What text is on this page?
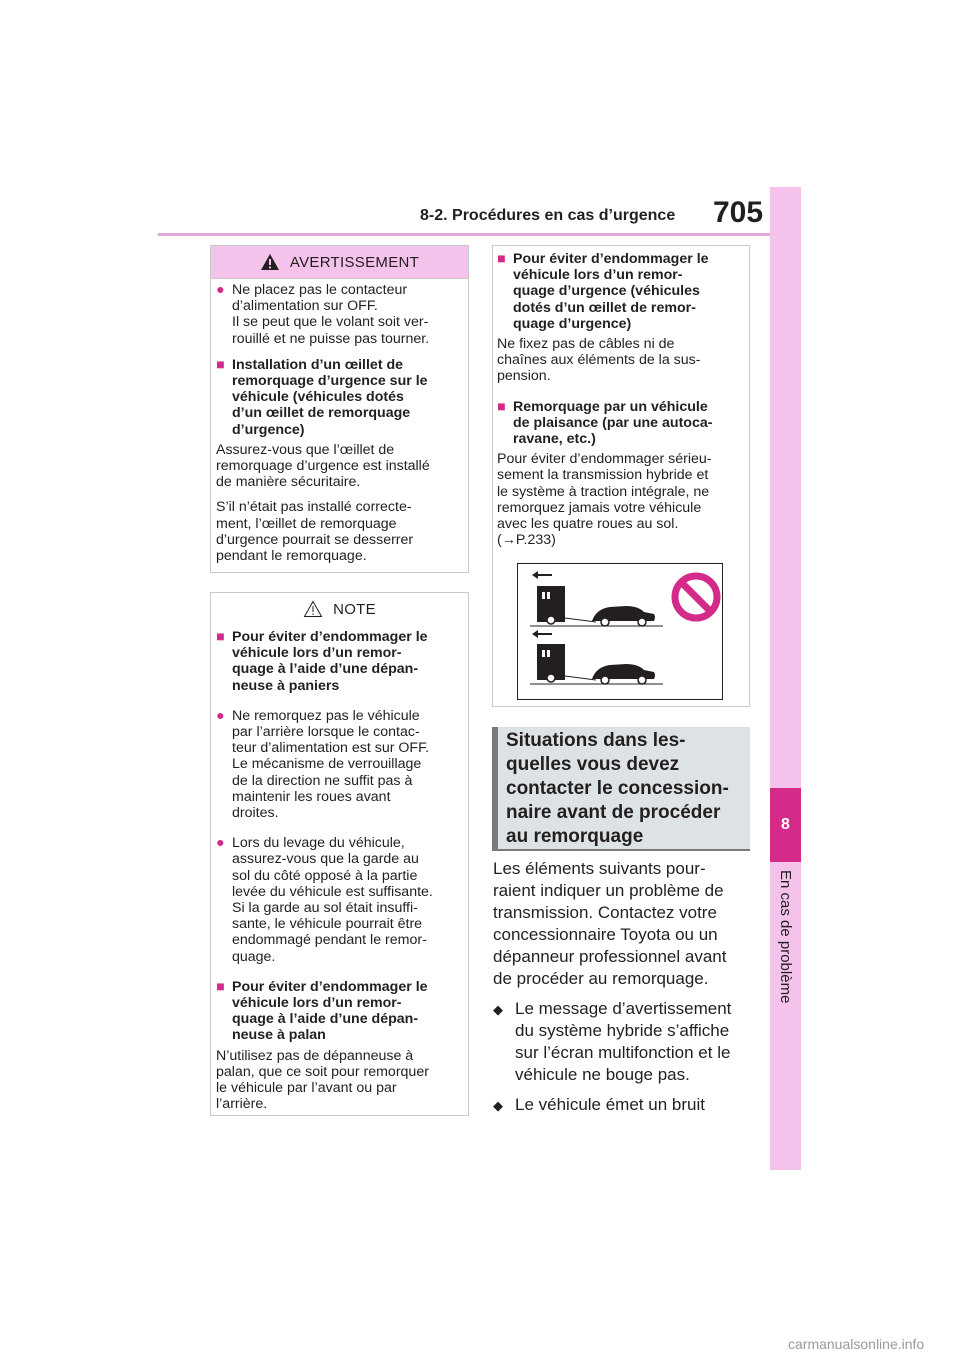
8-2. Procédures en cas d’urgence 705
8
En cas de problème
AVERTISSEMENT
● Ne placez pas le contacteur
d’alimentation sur OFF.
Il se peut que le volant soit ver-
rouillé et ne puisse pas tourner.
■ Installation d’un œillet de
remorquage d’urgence sur le
véhicule (véhicules dotés
d’un œillet de remorquage
d’urgence)

Assurez-vous que l’œillet de
remorquage d’urgence est installé
de manière sécuritaire.

S’il n’était pas installé correcte-
ment, l’œillet de remorquage
d’urgence pourrait se desserrer
pendant le remorquage.

NOTE
■ Pour éviter d’endommager le
véhicule lors d’un remor-
quage à l’aide d’une dépan-
neuse à paniers
● Ne remorquez pas le véhicule
par l’arrière lorsque le contac-
teur d’alimentation est sur OFF.
Le mécanisme de verrouillage
de la direction ne suffit pas à
maintenir les roues avant
droites.
● Lors du levage du véhicule,
assurez-vous que la garde au
sol du côté opposé à la partie
levée du véhicule est suffisante.
Si la garde au sol était insuffi-
sante, le véhicule pourrait être
endommagé pendant le remor-
quage.
■ Pour éviter d’endommager le
véhicule lors d’un remor-
quage à l’aide d’une dépan-
neuse à palan

N’utilisez pas de dépanneuse à
palan, que ce soit pour remorquer
le véhicule par l’avant ou par
l’arrière.

■ Pour éviter d’endommager le
véhicule lors d’un remor-
quage d’urgence (véhicules
dotés d’un œillet de remor-
quage d’urgence)

Ne fixez pas de câbles ni de
chaînes aux éléments de la sus-
pension.

■ Remorquage par un véhicule
de plaisance (par une autoca-
ravane, etc.)

Pour éviter d’endommager sérieu-
sement la transmission hybride et
le système à traction intégrale, ne
remorquez jamais votre véhicule
avec les quatre roues au sol.
(→P.233)

Situations dans les-
quelles vous devez
contacter le concession-
naire avant de procéder
au remorquage

Les éléments suivants pour-
raient indiquer un problème de
transmission. Contactez votre
concessionnaire Toyota ou un
dépanneur professionnel avant
de procéder au remorquage.

◆ Le message d’avertissement
du système hybride s’affiche
sur l’écran multifonction et le
véhicule ne bouge pas.
◆ Le véhicule émet un bruit
carmanualsonline.info
